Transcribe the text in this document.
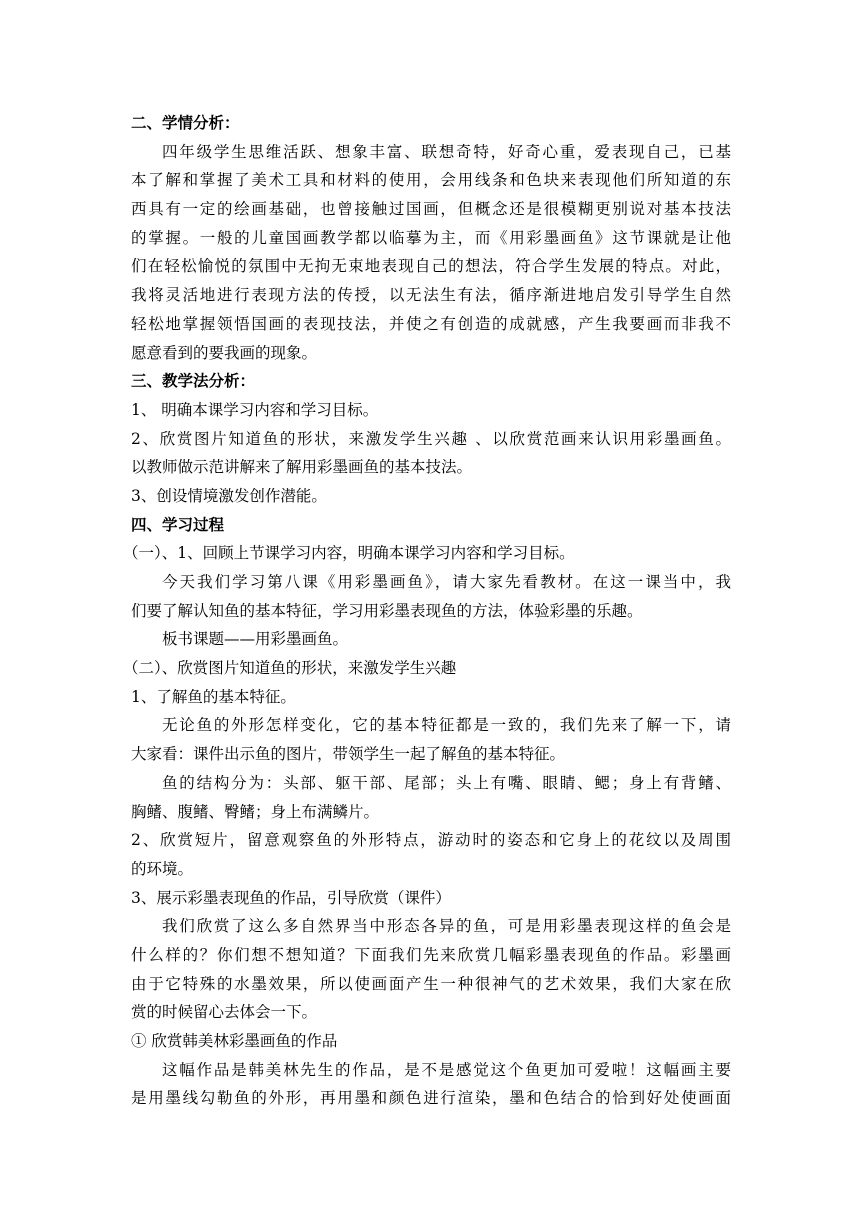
二、学情分析：
四年级学生思维活跃、想象丰富、联想奇特，好奇心重，爱表现自己，已基
本了解和掌握了美术工具和材料的使用，会用线条和色块来表现他们所知道的东
西具有一定的绘画基础，也曾接触过国画，但概念还是很模糊更别说对基本技法
的掌握。一般的儿童国画教学都以临摹为主，而《用彩墨画鱼》这节课就是让他
们在轻松愉悦的氛围中无拘无束地表现自己的想法，符合学生发展的特点。对此，
我将灵活地进行表现方法的传授，以无法生有法，循序渐进地启发引导学生自然
轻松地掌握领悟国画的表现技法，并使之有创造的成就感，产生我要画而非我不
愿意看到的要我画的现象。
三、教学法分析：
1、 明确本课学习内容和学习目标。
2、欣赏图片知道鱼的形状，来激发学生兴趣 、以欣赏范画来认识用彩墨画鱼。
以教师做示范讲解来了解用彩墨画鱼的基本技法。
3、创设情境激发创作潜能。
四、学习过程
（一）、1、回顾上节课学习内容，明确本课学习内容和学习目标。
今天我们学习第八课《用彩墨画鱼》，请大家先看教材。在这一课当中，我
们要了解认知鱼的基本特征，学习用彩墨表现鱼的方法，体验彩墨的乐趣。
板书课题——用彩墨画鱼。
（二）、欣赏图片知道鱼的形状，来激发学生兴趣
1、了解鱼的基本特征。
无论鱼的外形怎样变化，它的基本特征都是一致的，我们先来了解一下，请
大家看：课件出示鱼的图片，带领学生一起了解鱼的基本特征。
鱼的结构分为：头部、躯干部、尾部；头上有嘴、眼睛、鳃；身上有背鳍、
胸鳍、腹鳍、臀鳍；身上布满鳞片。
2、欣赏短片，留意观察鱼的外形特点，游动时的姿态和它身上的花纹以及周围
的环境。
3、展示彩墨表现鱼的作品，引导欣赏（课件）
我们欣赏了这么多自然界当中形态各异的鱼，可是用彩墨表现这样的鱼会是
什么样的？你们想不想知道？下面我们先来欣赏几幅彩墨表现鱼的作品。彩墨画
由于它特殊的水墨效果，所以使画面产生一种很神气的艺术效果，我们大家在欣
赏的时候留心去体会一下。
① 欣赏韩美林彩墨画鱼的作品
这幅作品是韩美林先生的作品，是不是感觉这个鱼更加可爱啦！这幅画主要
是用墨线勾勒鱼的外形，再用墨和颜色进行渲染，墨和色结合的恰到好处使画面
